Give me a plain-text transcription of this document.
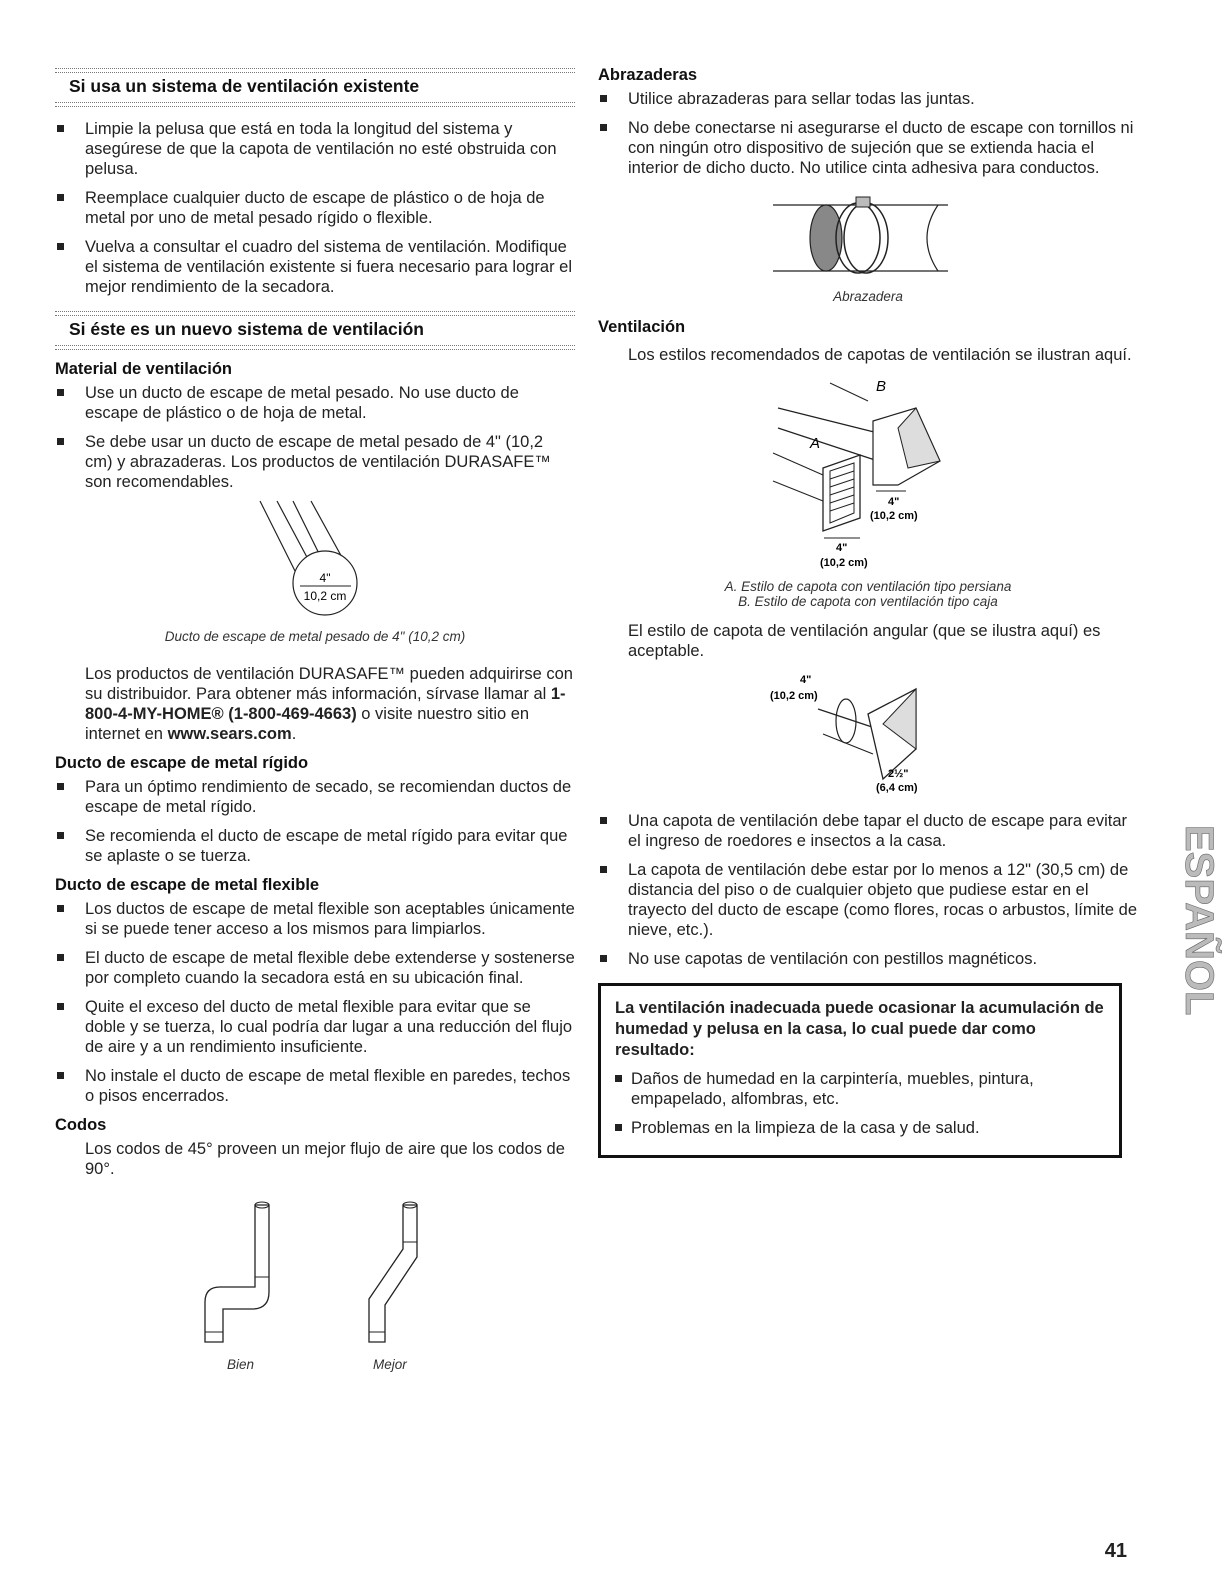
Si usa un sistema de ventilación existente
Limpie la pelusa que está en toda la longitud del sistema y asegúrese de que la capota de ventilación no esté obstruida con pelusa.
Reemplace cualquier ducto de escape de plástico o de hoja de metal por uno de metal pesado rígido o flexible.
Vuelva a consultar el cuadro del sistema de ventilación. Modifique el sistema de ventilación existente si fuera necesario para lograr el mejor rendimiento de la secadora.
Si éste es un nuevo sistema de ventilación
Material de ventilación
Use un ducto de escape de metal pesado. No use ducto de escape de plástico o de hoja de metal.
Se debe usar un ducto de escape de metal pesado de 4" (10,2 cm) y abrazaderas. Los productos de ventilación DURASAFE™ son recomendables.
4"
10,2 cm
Ducto de escape de metal pesado de 4" (10,2 cm)

Los productos de ventilación DURASAFE™ pueden adquirirse con su distribuidor. Para obtener más información, sírvase llamar al 1-800-4-MY-HOME® (1-800-469-4663) o visite nuestro sitio en internet en www.sears.com.

Ducto de escape de metal rígido
Para un óptimo rendimiento de secado, se recomiendan ductos de escape de metal rígido.
Se recomienda el ducto de escape de metal rígido para evitar que se aplaste o se tuerza.
Ducto de escape de metal flexible
Los ductos de escape de metal flexible son aceptables únicamente si se puede tener acceso a los mismos para limpiarlos.
El ducto de escape de metal flexible debe extenderse y sostenerse por completo cuando la secadora está en su ubicación final.
Quite el exceso del ducto de metal flexible para evitar que se doble y se tuerza, lo cual podría dar lugar a una reducción del flujo de aire y a un rendimiento insuficiente.
No instale el ducto de escape de metal flexible en paredes, techos o pisos encerrados.
Codos

Los codos de 45° proveen un mejor flujo de aire que los codos de 90°.

Bien	Mejor
Abrazaderas
Utilice abrazaderas para sellar todas las juntas.
No debe conectarse ni asegurarse el ducto de escape con tornillos ni con ningún otro dispositivo de sujeción que se extienda hacia el interior de dicho ducto. No utilice cinta adhesiva para conductos.
Abrazadera
Ventilación

Los estilos recomendados de capotas de ventilación se ilustran aquí.

B
A
4"
(10,2 cm)
4"
(10,2 cm)
A. Estilo de capota con ventilación tipo persiana
B. Estilo de capota con ventilación tipo caja

El estilo de capota de ventilación angular (que se ilustra aquí) es aceptable.

4"
(10,2 cm)
2½"
(6,4 cm)
Una capota de ventilación debe tapar el ducto de escape para evitar el ingreso de roedores e insectos a la casa.
La capota de ventilación debe estar por lo menos a 12" (30,5 cm) de distancia del piso o de cualquier objeto que pudiese estar en el trayecto del ducto de escape (como flores, rocas o arbustos, límite de nieve, etc.).
No use capotas de ventilación con pestillos magnéticos.
La ventilación inadecuada puede ocasionar la acumulación de humedad y pelusa en la casa, lo cual puede dar como resultado:
Daños de humedad en la carpintería, muebles, pintura, empapelado, alfombras, etc.
Problemas en la limpieza de la casa y de salud.
ESPAÑOL
41
